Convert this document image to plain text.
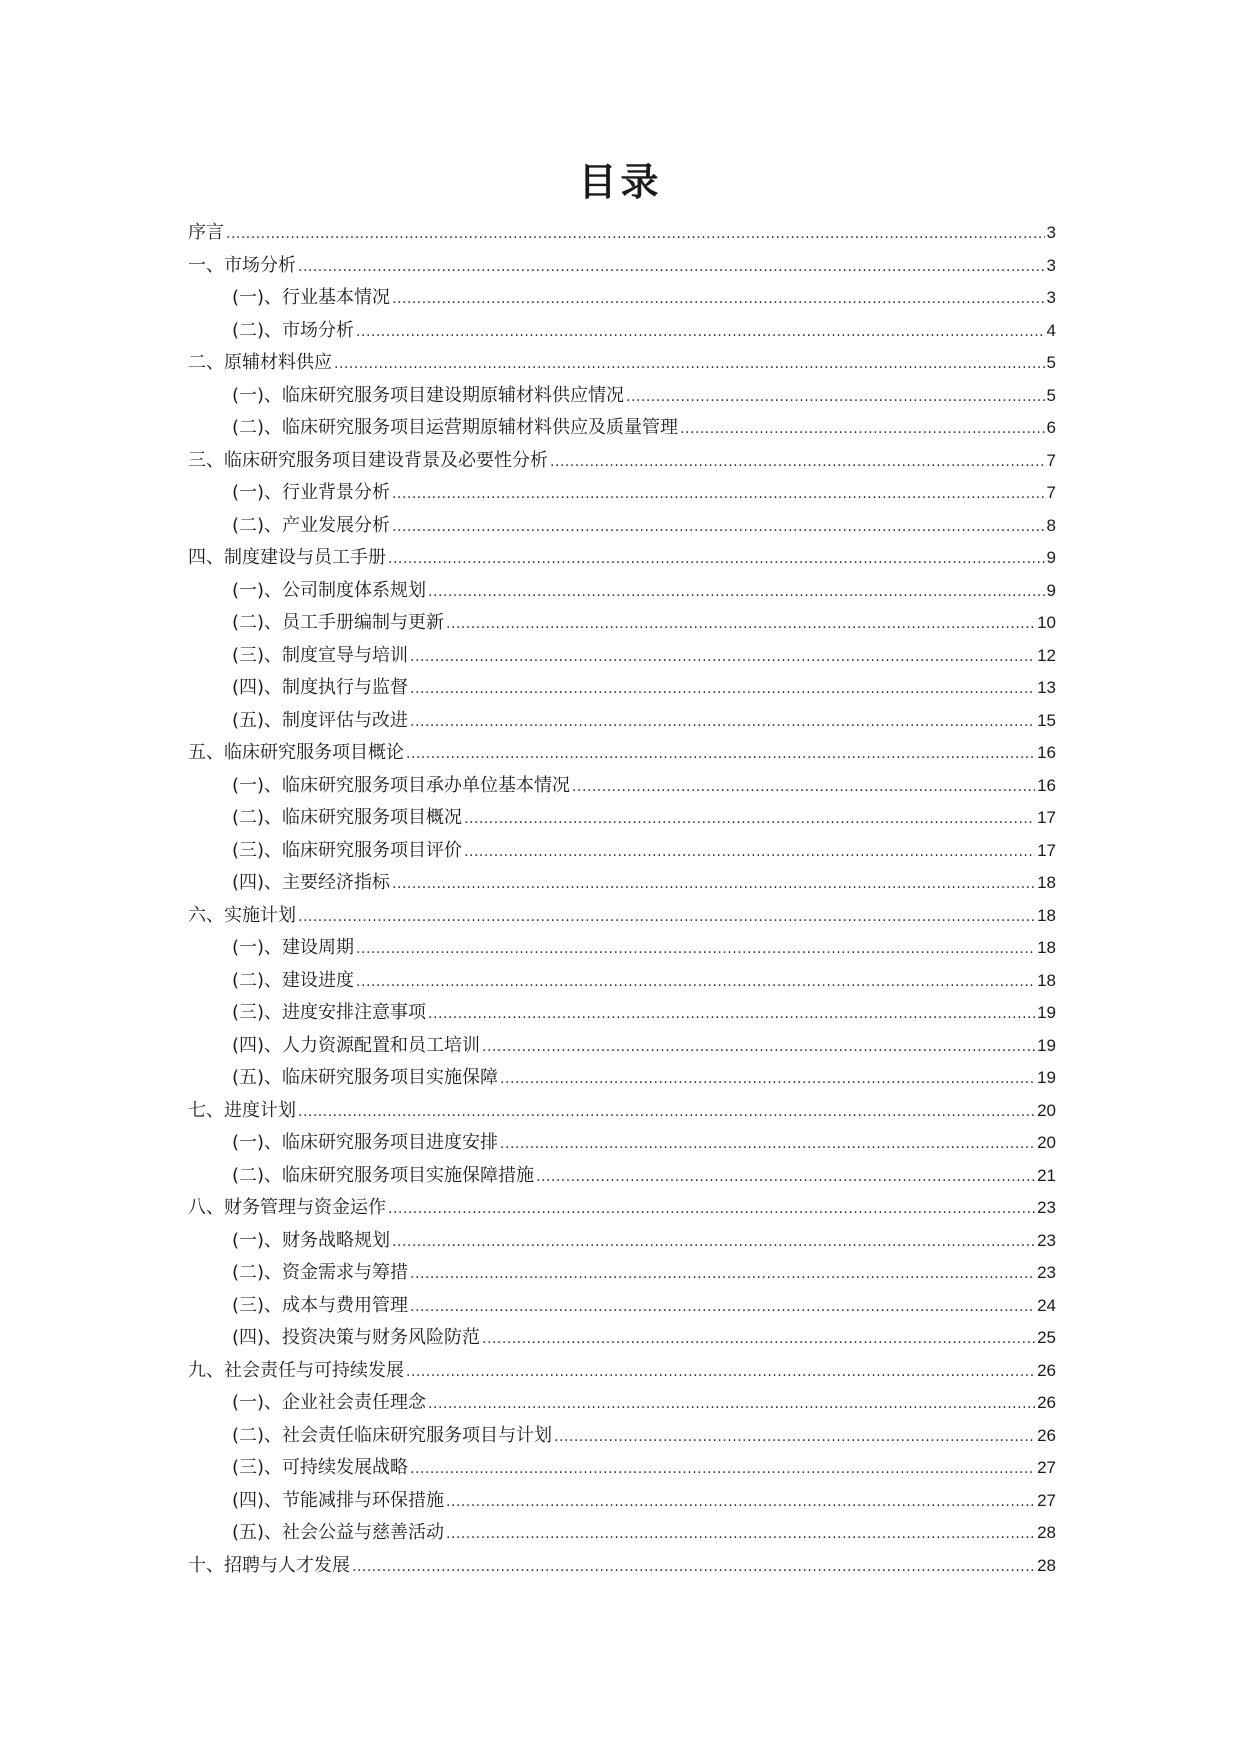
目录
序言 .....	3
一、市场分析 .....	3
(一)、行业基本情况 .....	3
(二)、市场分析 .....	4
二、原辅材料供应 .....	5
(一)、临床研究服务项目建设期原辅材料供应情况 .....	5
(二)、临床研究服务项目运营期原辅材料供应及质量管理 .....	6
三、临床研究服务项目建设背景及必要性分析 .....	7
(一)、行业背景分析 .....	7
(二)、产业发展分析 .....	8
四、制度建设与员工手册 .....	9
(一)、公司制度体系规划 .....	9
(二)、员工手册编制与更新 .....	10
(三)、制度宣导与培训 .....	12
(四)、制度执行与监督 .....	13
(五)、制度评估与改进 .....	15
五、临床研究服务项目概论 .....	16
(一)、临床研究服务项目承办单位基本情况 .....	16
(二)、临床研究服务项目概况 .....	17
(三)、临床研究服务项目评价 .....	17
(四)、主要经济指标 .....	18
六、实施计划 .....	18
(一)、建设周期 .....	18
(二)、建设进度 .....	18
(三)、进度安排注意事项 .....	19
(四)、人力资源配置和员工培训 .....	19
(五)、临床研究服务项目实施保障 .....	19
七、进度计划 .....	20
(一)、临床研究服务项目进度安排 .....	20
(二)、临床研究服务项目实施保障措施 .....	21
八、财务管理与资金运作 .....	23
(一)、财务战略规划 .....	23
(二)、资金需求与筹措 .....	23
(三)、成本与费用管理 .....	24
(四)、投资决策与财务风险防范 .....	25
九、社会责任与可持续发展 .....	26
(一)、企业社会责任理念 .....	26
(二)、社会责任临床研究服务项目与计划 .....	26
(三)、可持续发展战略 .....	27
(四)、节能减排与环保措施 .....	27
(五)、社会公益与慈善活动 .....	28
十、招聘与人才发展 .....	28
